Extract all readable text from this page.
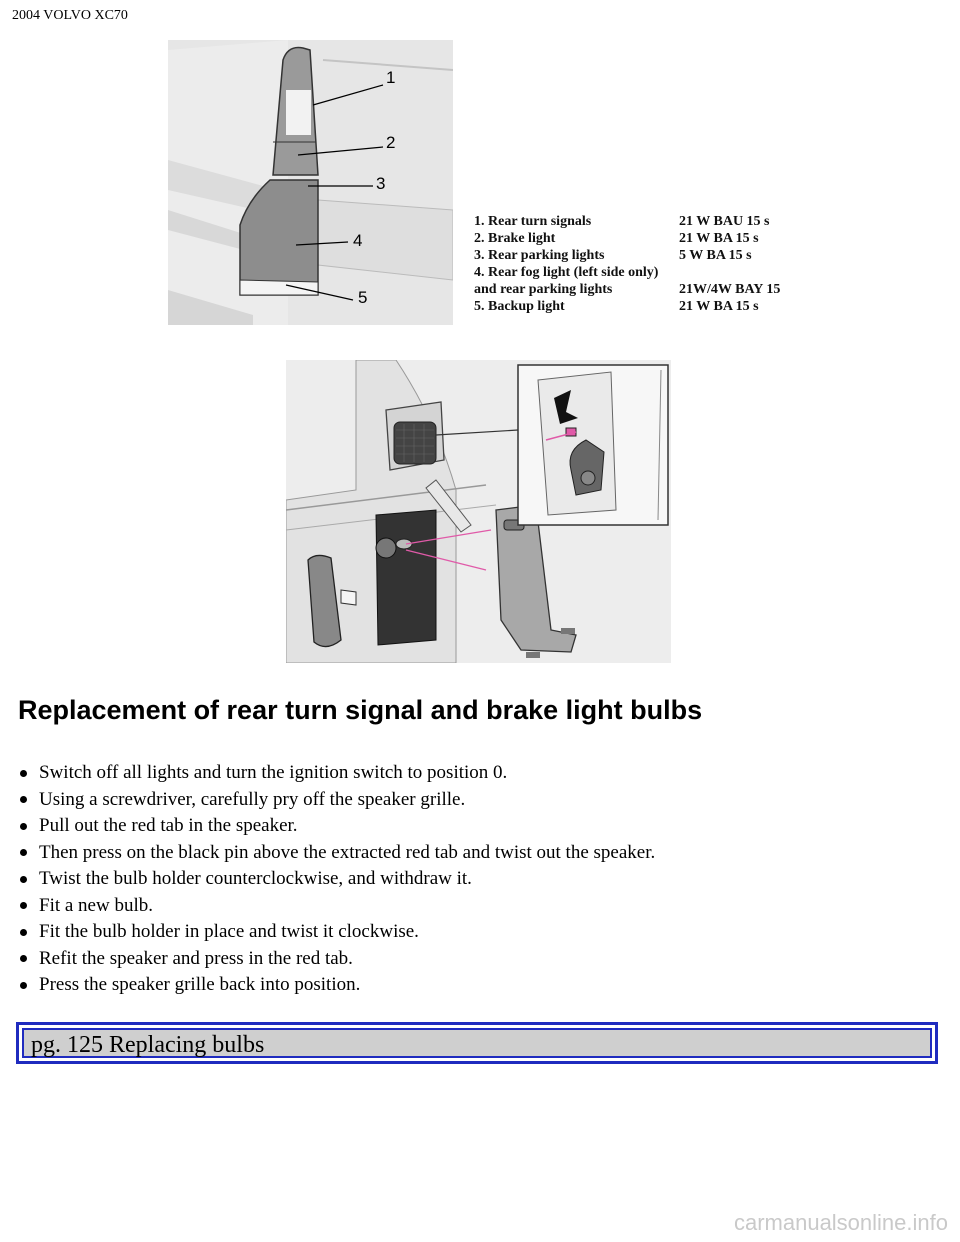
2004 VOLVO XC70
1
2
3
4
5
1. Rear turn signals	21 W BAU 15 s
2. Brake light	21 W BA 15 s
3. Rear parking lights	5 W BA 15 s
4. Rear fog light (left side only)
and rear parking lights	21W/4W BAY 15
5. Backup light	21 W BA 15 s
Replacement of rear turn signal and brake light bulbs
Switch off all lights and turn the ignition switch to position 0.
Using a screwdriver, carefully pry off the speaker grille.
Pull out the red tab in the speaker.
Then press on the black pin above the extracted red tab and twist out the speaker.
Twist the bulb holder counterclockwise, and withdraw it.
Fit a new bulb.
Fit the bulb holder in place and twist it clockwise.
Refit the speaker and press in the red tab.
Press the speaker grille back into position.
pg. 125 Replacing bulbs
carmanualsonline.info
